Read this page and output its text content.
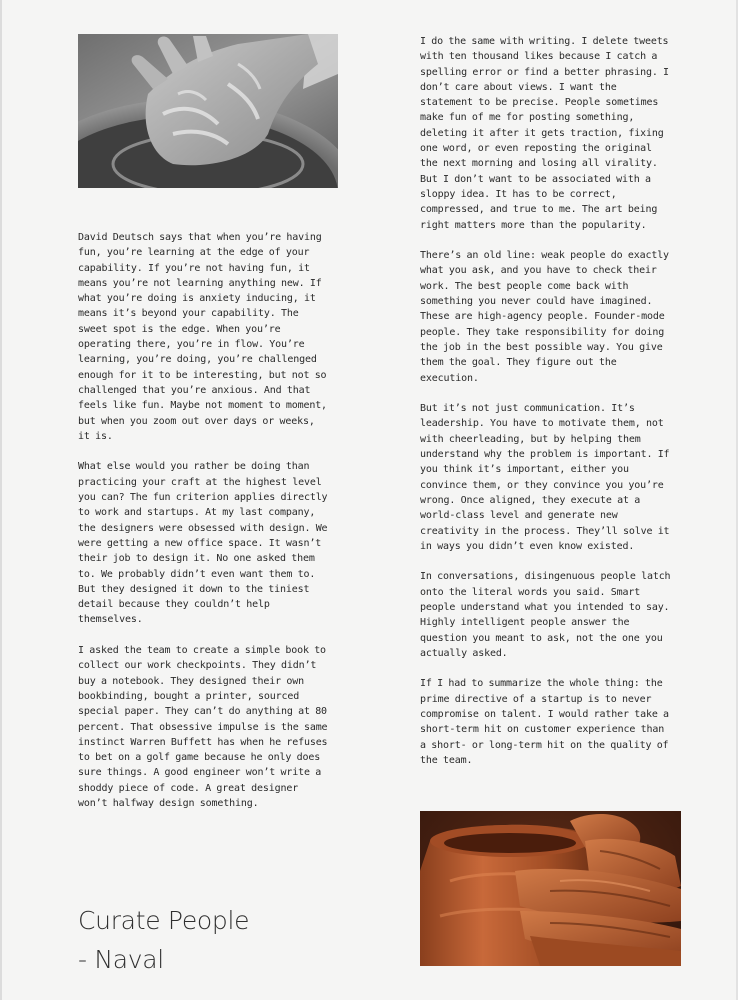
David Deutsch says that when you’re having
fun, you’re learning at the edge of your
capability. If you’re not having fun, it
means you’re not learning anything new. If
what you’re doing is anxiety inducing, it
means it’s beyond your capability. The
sweet spot is the edge. When you’re
operating there, you’re in flow. You’re
learning, you’re doing, you’re challenged
enough for it to be interesting, but not so
challenged that you’re anxious. And that
feels like fun. Maybe not moment to moment,
but when you zoom out over days or weeks,
it is.

What else would you rather be doing than
practicing your craft at the highest level
you can? The fun criterion applies directly
to work and startups. At my last company,
the designers were obsessed with design. We
were getting a new office space. It wasn’t
their job to design it. No one asked them
to. We probably didn’t even want them to.
But they designed it down to the tiniest
detail because they couldn’t help
themselves.

I asked the team to create a simple book to
collect our work checkpoints. They didn’t
buy a notebook. They designed their own
bookbinding, bought a printer, sourced
special paper. They can’t do anything at 80
percent. That obsessive impulse is the same
instinct Warren Buffett has when he refuses
to bet on a golf game because he only does
sure things. A good engineer won’t write a
shoddy piece of code. A great designer
won’t halfway design something.

I do the same with writing. I delete tweets
with ten thousand likes because I catch a
spelling error or find a better phrasing. I
don’t care about views. I want the
statement to be precise. People sometimes
make fun of me for posting something,
deleting it after it gets traction, fixing
one word, or even reposting the original
the next morning and losing all virality.
But I don’t want to be associated with a
sloppy idea. It has to be correct,
compressed, and true to me. The art being
right matters more than the popularity.

There’s an old line: weak people do exactly
what you ask, and you have to check their
work. The best people come back with
something you never could have imagined.
These are high-agency people. Founder-mode
people. They take responsibility for doing
the job in the best possible way. You give
them the goal. They figure out the
execution.

But it’s not just communication. It’s
leadership. You have to motivate them, not
with cheerleading, but by helping them
understand why the problem is important. If
you think it’s important, either you
convince them, or they convince you you’re
wrong. Once aligned, they execute at a
world-class level and generate new
creativity in the process. They’ll solve it
in ways you didn’t even know existed.

In conversations, disingenuous people latch
onto the literal words you said. Smart
people understand what you intended to say.
Highly intelligent people answer the
question you meant to ask, not the one you
actually asked.

If I had to summarize the whole thing: the
prime directive of a startup is to never
compromise on talent. I would rather take a
short-term hit on customer experience than
a short- or long-term hit on the quality of
the team.

Curate People
- Naval
